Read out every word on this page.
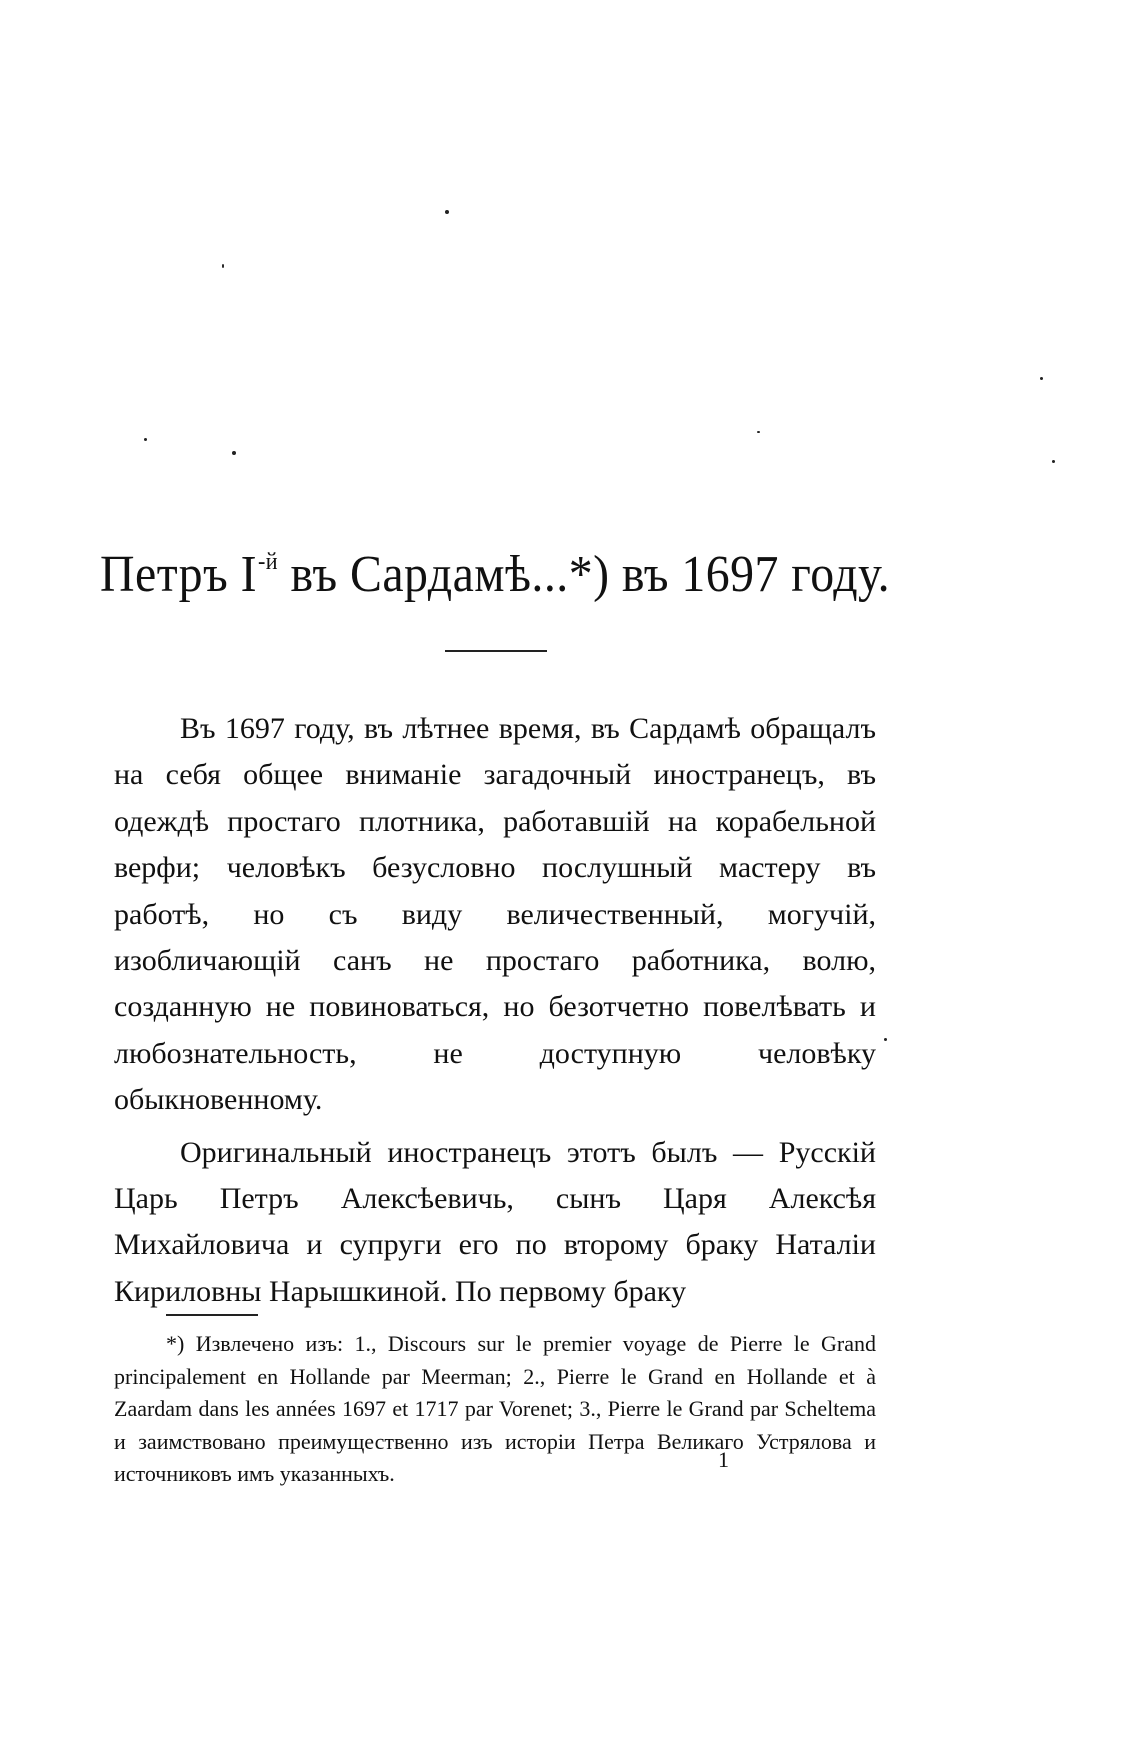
Петръ $I^{-й}$ въ Сардамѣ...*) въ 1697 году.

Въ 1697 году, въ лѣтнее время, въ Сардамѣ обращалъ на себя общее вниманіе загадочный иностранецъ, въ одеждѣ простаго плотника, работавшій на корабельной верфи; человѣкъ безусловно послушный мастеру въ работѣ, но съ виду величественный, могучій, изобличающій санъ не простаго работника, волю, созданную не повиноваться, но безотчетно повелѣвать и любознательность, не доступную человѣку обыкновенному.

Оригинальный иностранецъ этотъ былъ — Русскій Царь Петръ Алексѣевичь, сынъ Царя Алексѣя Михайловича и супруги его по второму браку Наталіи Кириловны Нарышкиной. По первому браку

*) Извлечено изъ: 1., Discours sur le premier voyage de Pierre le Grand principalement en Hollande par Meerman; 2., Pierre le Grand en Hollande et à Zaardam dans les années 1697 et 1717 par Vorenet; 3., Pierre le Grand par Scheltema и заимствовано преимущественно изъ исторіи Петра Великаго Устрялова и источниковъ имъ указанныхъ.
1
